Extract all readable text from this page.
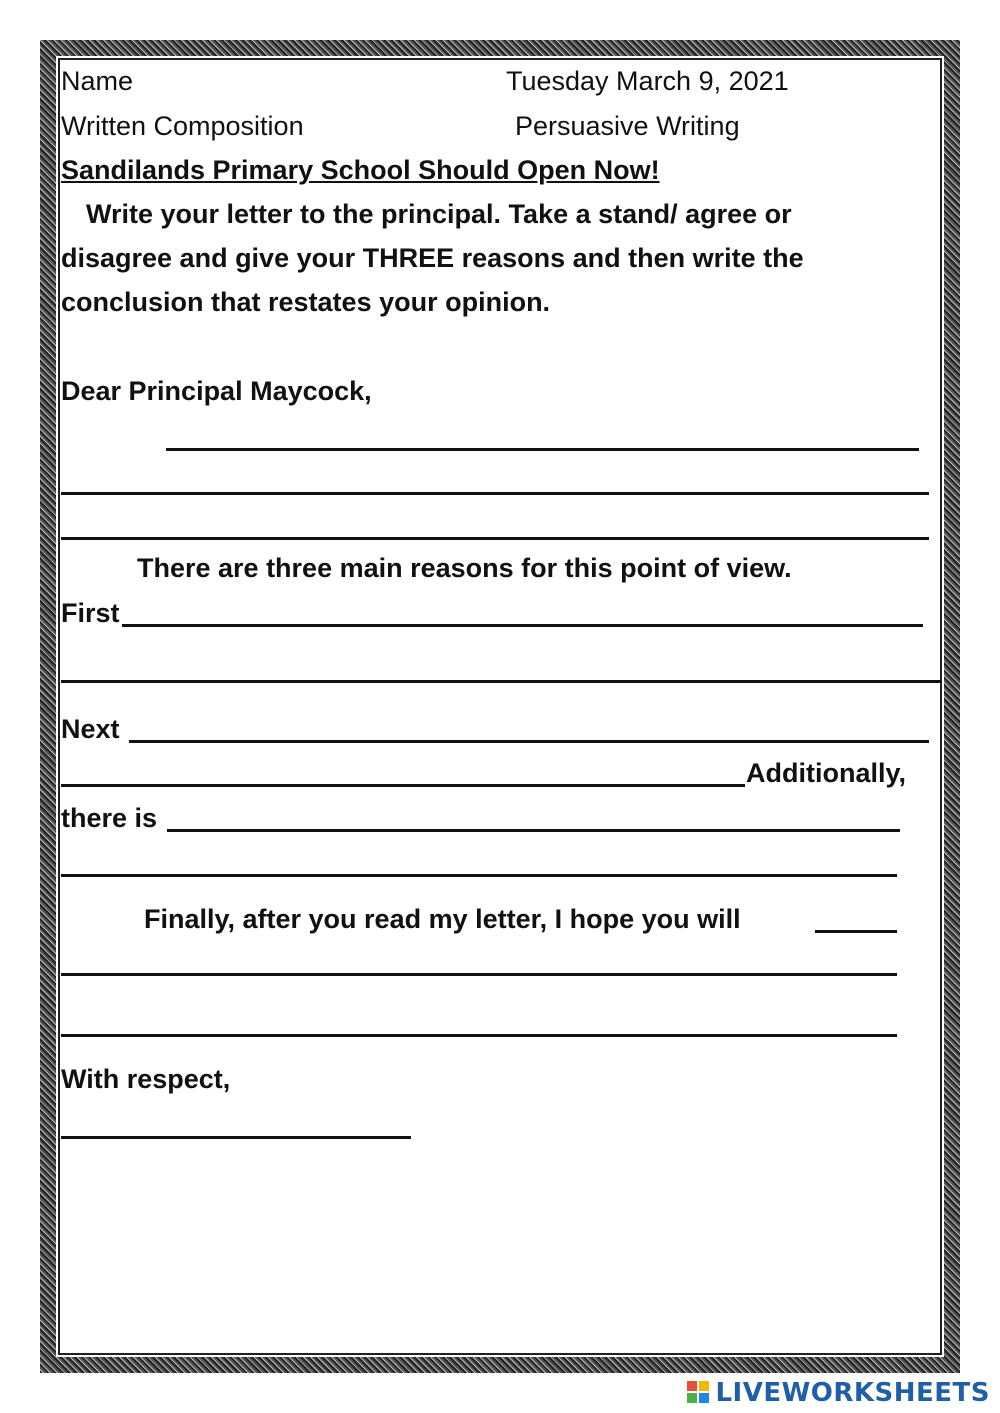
Name	Tuesday March 9, 2021
Written Composition	Persuasive Writing
Sandilands Primary School Should Open Now!
Write your letter to the principal. Take a stand/ agree or
disagree and give your THREE reasons and then write the
conclusion that restates your opinion.
Dear Principal Maycock,
There are three main reasons for this point of view.
First
Next
Additionally,
there is
Finally, after you read my letter, I hope you will
With respect,
LIVEWORKSHEETS
